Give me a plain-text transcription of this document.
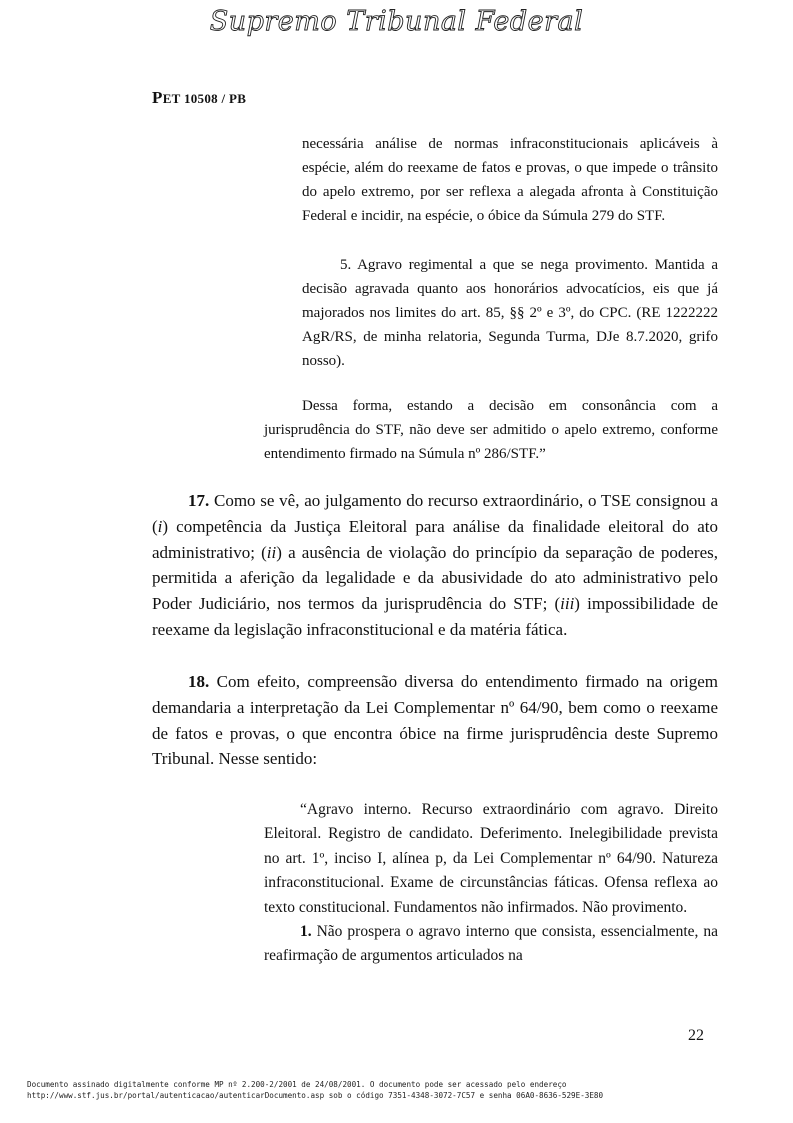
Supremo Tribunal Federal
PET 10508 / PB

necessária análise de normas infraconstitucionais aplicáveis à espécie, além do reexame de fatos e provas, o que impede o trânsito do apelo extremo, por ser reflexa a alegada afronta à Constituição Federal e incidir, na espécie, o óbice da Súmula 279 do STF.

5. Agravo regimental a que se nega provimento. Mantida a decisão agravada quanto aos honorários advocatícios, eis que já majorados nos limites do art. 85, §§ 2º e 3º, do CPC. (RE 1222222 AgR/RS, de minha relatoria, Segunda Turma, DJe 8.7.2020, grifo nosso).

Dessa forma, estando a decisão em consonância com a jurisprudência do STF, não deve ser admitido o apelo extremo, conforme entendimento firmado na Súmula nº 286/STF.”

17. Como se vê, ao julgamento do recurso extraordinário, o TSE consignou a (i) competência da Justiça Eleitoral para análise da finalidade eleitoral do ato administrativo; (ii) a ausência de violação do princípio da separação de poderes, permitida a aferição da legalidade e da abusividade do ato administrativo pelo Poder Judiciário, nos termos da jurisprudência do STF; (iii) impossibilidade de reexame da legislação infraconstitucional e da matéria fática.

18. Com efeito, compreensão diversa do entendimento firmado na origem demandaria a interpretação da Lei Complementar nº 64/90, bem como o reexame de fatos e provas, o que encontra óbice na firme jurisprudência deste Supremo Tribunal. Nesse sentido:

“Agravo interno. Recurso extraordinário com agravo. Direito Eleitoral. Registro de candidato. Deferimento. Inelegibilidade prevista no art. 1º, inciso I, alínea p, da Lei Complementar nº 64/90. Natureza infraconstitucional. Exame de circunstâncias fáticas. Ofensa reflexa ao texto constitucional. Fundamentos não infirmados. Não provimento.

1. Não prospera o agravo interno que consista, essencialmente, na reafirmação de argumentos articulados na

22
Documento assinado digitalmente conforme MP nº 2.200-2/2001 de 24/08/2001. O documento pode ser acessado pelo endereço
http://www.stf.jus.br/portal/autenticacao/autenticarDocumento.asp sob o código 7351-4348-3072-7C57 e senha 06A0-8636-529E-3E80
